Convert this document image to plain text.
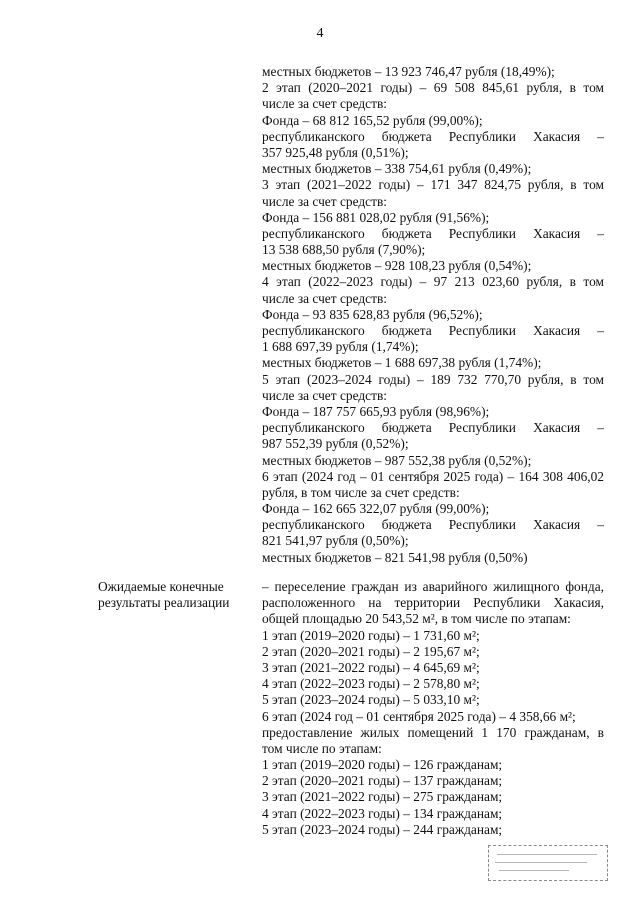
4
местных бюджетов – 13 923 746,47 рубля (18,49%);
2 этап (2020–2021 годы) – 69 508 845,61 рубля, в том
числе за счет средств:
Фонда – 68 812 165,52 рубля (99,00%);
республиканского бюджета Республики Хакасия –
357 925,48 рубля (0,51%);
местных бюджетов – 338 754,61 рубля (0,49%);
3 этап (2021–2022 годы) – 171 347 824,75 рубля, в том
числе за счет средств:
Фонда – 156 881 028,02 рубля (91,56%);
республиканского бюджета Республики Хакасия –
13 538 688,50 рубля (7,90%);
местных бюджетов – 928 108,23 рубля (0,54%);
4 этап (2022–2023 годы) – 97 213 023,60 рубля, в том
числе за счет средств:
Фонда – 93 835 628,83 рубля (96,52%);
республиканского бюджета Республики Хакасия –
1 688 697,39 рубля (1,74%);
местных бюджетов – 1 688 697,38 рубля (1,74%);
5 этап (2023–2024 годы) – 189 732 770,70 рубля, в том
числе за счет средств:
Фонда – 187 757 665,93 рубля (98,96%);
республиканского бюджета Республики Хакасия –
987 552,39 рубля (0,52%);
местных бюджетов – 987 552,38 рубля (0,52%);
6 этап (2024 год – 01 сентября 2025 года) – 164 308 406,02
рубля, в том числе за счет средств:
Фонда – 162 665 322,07 рубля (99,00%);
республиканского бюджета Республики Хакасия –
821 541,97 рубля (0,50%);
местных бюджетов – 821 541,98 рубля (0,50%)
Ожидаемые конечные
результаты реализации
– переселение граждан из аварийного жилищного фонда,
расположенного на территории Республики Хакасия,
общей площадью 20 543,52 м², в том числе по этапам:
1 этап (2019–2020 годы) – 1 731,60 м²;
2 этап (2020–2021 годы) – 2 195,67 м²;
3 этап (2021–2022 годы) – 4 645,69 м²;
4 этап (2022–2023 годы) – 2 578,80 м²;
5 этап (2023–2024 годы) – 5 033,10 м²;
6 этап (2024 год – 01 сентября 2025 года) – 4 358,66 м²;
предоставление жилых помещений 1 170 гражданам, в
том числе по этапам:
1 этап (2019–2020 годы) – 126 гражданам;
2 этап (2020–2021 годы) – 137 гражданам;
3 этап (2021–2022 годы) – 275 гражданам;
4 этап (2022–2023 годы) – 134 гражданам;
5 этап (2023–2024 годы) – 244 гражданам;
